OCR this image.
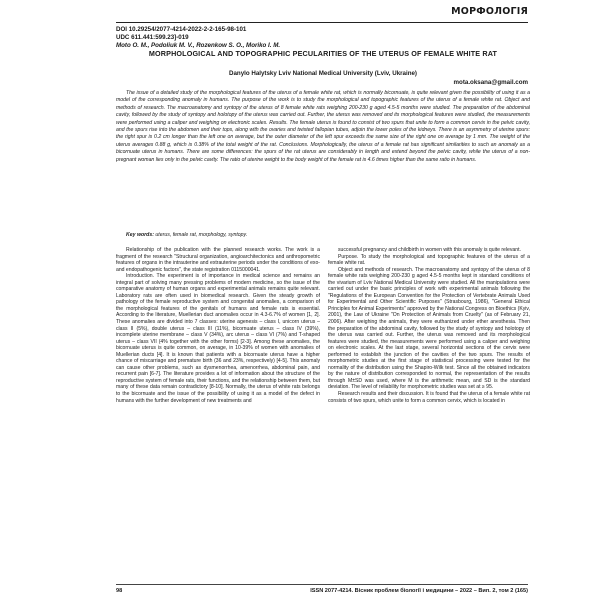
МОРФОЛОГІЯ
DOI 10.29254/2077-4214-2022-2-2-165-98-101
UDC 611.441:599.23]-019
Moto O. M., Podoliuk M. V., Rozenkow S. O., Moriko I. M.
MORPHOLOGICAL AND TOPOGRAPHIC PECULARITIES OF THE UTERUS OF FEMALE WHITE RAT
Danylo Halytsky Lviv National Medical University (Lviv, Ukraine)
mota.oksana@gmail.com

The issue of a detailed study of the morphological features of the uterus of a female white rat, which is normally bicornuate, is quite relevant given the possibility of using it as a model of the corresponding anomaly in humans. The purpose of the work is to study the morphological and topographic features of the uterus of a female white rat. Object and methods of research. The macroanatomy and syntopy of the uterus of 8 female white rats weighing 200-230 g aged 4.5-5 months were studied. The preparation of the abdominal cavity, followed by the study of syntopy and holotopy of the uterus was carried out. Further, the uterus was removed and its morphological features were studied, the measurements were performed using a caliper and weighing on electronic scales. Results. The female uterus is found to consist of two spurs that unite to form a common cervix in the pelvic cavity, and the spurs rise into the abdomen and their tops, along with the ovaries and twisted fallopian tubes, adjoin the lower poles of the kidneys. There is an asymmetry of uterine spurs: the right spur is 0.2 cm longer than the left one on average, but the outer diameter of the left spur exceeds the same size of the right one on average by 1 mm. The weight of the uterus averages 0.88 g, which is 0.38% of the total weight of the rat. Conclusions. Morphologically, the uterus of a female rat has significant similarities to such an anomaly as a bicornuate uterus in humans. There are some differences: the spurs of the rat uterus are considerably in length and extend beyond the pelvic cavity, while the uterus of a non-pregnant woman lies only in the pelvic cavity. The ratio of uterine weight to the body weight of the female rat is 4.6 times higher than the same ratio in humans.

Key words: uterus, female rat, morphology, syntopy.

Relationship of the publication with the planned research works. The work is a fragment of the research "Structural organization, angioarchitectonics and anthropometric features of organs in the intrauterine and extrauterine periods under the conditions of exo- and endopathogenic factors", the state registration 0115000041.

Introduction. The experiment is of importance in medical science and remains an integral part of solving many pressing problems of modern medicine, so the issue of the comparative anatomy of human organs and experimental animals remains quite relevant. Laboratory rats are often used in biomedical research. Given the steady growth of pathology of the female reproductive system and congenital anomalies, a comparison of the morphological features of the genitals of humans and female rats is essential. According to the literature, Muellerian duct anomalies occur in 4.3-6.7% of women [1, 2]. These anomalies are divided into 7 classes: uterine agenesis – class I, unicorn uterus – class II (5%), double uterus – class III (11%), bicornuate uterus – class IV (39%), incomplete uterine membrane – class V (34%), arc uterus – class VI (7%) and T-shaped uterus – class VII (4% together with the other forms) [2-3]. Among these anomalies, the bicornuate uterus is quite common, on average, in 10-39% of women with anomalies of Muellerian ducts [4]. It is known that patients with a bicornuate uterus have a higher chance of miscarriage and premature birth (36 and 23%, respectively) [4-5]. This anomaly can cause other problems, such as dysmenorrhea, amenorrhea, abdominal pain, and recurrent pain [6-7]. The literature provides a lot of information about the structure of the reproductive system of female rats, their functions, and the relationship between them, but many of these data remain contradictory [8-10]. Normally, the uterus of white rats belongs to the bicornuate and the issue of the possibility of using it as a model of the defect in humans with the further development of new treatments and

successful pregnancy and childbirth in women with this anomaly is quite relevant.

Purpose. To study the morphological and topographic features of the uterus of a female white rat.

Object and methods of research. The macroanatomy and syntopy of the uterus of 8 female white rats weighing 200-230 g aged 4.5-5 months kept in standard conditions of the vivarium of Lviv National Medical University were studied. All the manipulations were carried out under the basic principles of work with experimental animals following the "Regulations of the European Convention for the Protection of Vertebrate Animals Used for Experimental and Other Scientific Purposes" (Strasbourg, 1986), "General Ethical Principles for Animal Experiments" approved by the National Congress on Bioethics (Kyiv, 2001), the Law of Ukraine "On Protection of Animals from Cruelty" (as of February 21, 2006). After weighing the animals, they were euthanized under ether anesthesia. Then the preparation of the abdominal cavity, followed by the study of syntopy and holotopy of the uterus was carried out. Further, the uterus was removed and its morphological features were studied, the measurements were performed using a caliper and weighing on electronic scales. At the last stage, several horizontal sections of the cervix were performed to establish the junction of the cavities of the two spurs. The results of morphometric studies at the first stage of statistical processing were tested for the normality of the distribution using the Shapiro-Wilk test. Since all the obtained indicators by the nature of distribution corresponded to normal, the representation of the results through M±SD was used, where M is the arithmetic mean, and SD is the standard deviation. The level of reliability for morphometric studies was set at ≥ 95.

Research results and their discussion. It is found that the uterus of a female white rat consists of two spurs, which unite to form a common cervix, which is located in

98	ISSN 2077-4214. Вісник проблем біології і медицини – 2022 – Вип. 2, том 2 (165)
